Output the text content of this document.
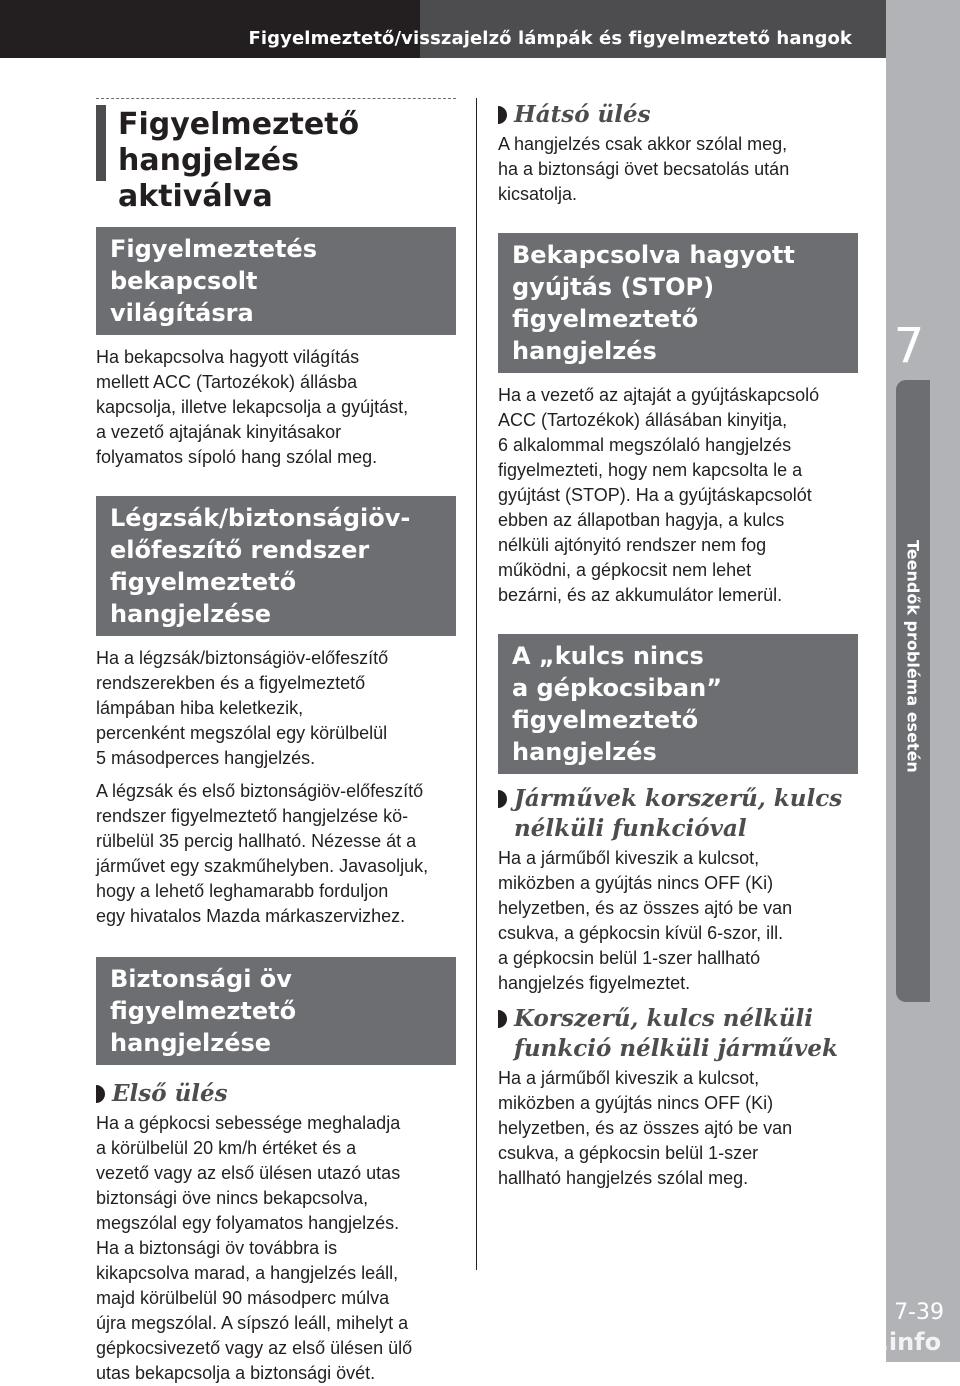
Figyelmeztető/visszajelző lámpák és figyelmeztető hangok
7
Teendők probléma esetén
7-39
carmanualsonline.info
Figyelmeztető
hangjelzés aktiválva
Figyelmeztetés bekapcsolt
világításra

Ha bekapcsolva hagyott világítás
mellett ACC (Tartozékok) állásba
kapcsolja, illetve lekapcsolja a gyújtást,
a vezető ajtajának kinyitásakor
folyamatos sípoló hang szólal meg.

Légzsák/biztonságiöv-
előfeszítő rendszer
figyelmeztető hangjelzése

Ha a légzsák/biztonságiöv-előfeszítő
rendszerekben és a figyelmeztető
lámpában hiba keletkezik,
percenként megszólal egy körülbelül
5 másodperces hangjelzés.

A légzsák és első biztonságiöv-előfeszítő
rendszer figyelmeztető hangjelzése kö-
rülbelül 35 percig hallható. Nézesse át a
járművet egy szakműhelyben. Javasoljuk,
hogy a lehető leghamarabb forduljon
egy hivatalos Mazda márkaszervizhez.

Biztonsági öv figyelmeztető
hangjelzése
Első ülés

Ha a gépkocsi sebessége meghaladja
a körülbelül 20 km/h értéket és a
vezető vagy az első ülésen utazó utas
biztonsági öve nincs bekapcsolva,
megszólal egy folyamatos hangjelzés.
Ha a biztonsági öv továbbra is
kikapcsolva marad, a hangjelzés leáll,
majd körülbelül 90 másodperc múlva
újra megszólal. A sípszó leáll, mihelyt a
gépkocsivezető vagy az első ülésen ülő
utas bekapcsolja a biztonsági övét.

Hátsó ülés

A hangjelzés csak akkor szólal meg,
ha a biztonsági övet becsatolás után
kicsatolja.

Bekapcsolva hagyott
gyújtás (STOP)
figyelmeztető hangjelzés

Ha a vezető az ajtaját a gyújtáskapcsoló
ACC (Tartozékok) állásában kinyitja,
6 alkalommal megszólaló hangjelzés
figyelmezteti, hogy nem kapcsolta le a
gyújtást (STOP). Ha a gyújtáskapcsolót
ebben az állapotban hagyja, a kulcs
nélküli ajtónyitó rendszer nem fog
működni, a gépkocsit nem lehet
bezárni, és az akkumulátor lemerül.

A „kulcs nincs
a gépkocsiban”
figyelmeztető hangjelzés
Járművek korszerű, kulcs
nélküli funkcióval

Ha a járműből kiveszik a kulcsot,
miközben a gyújtás nincs OFF (Ki)
helyzetben, és az összes ajtó be van
csukva, a gépkocsin kívül 6-szor, ill.
a gépkocsin belül 1-szer hallható
hangjelzés figyelmeztet.

Korszerű, kulcs nélküli
funkció nélküli járművek

Ha a járműből kiveszik a kulcsot,
miközben a gyújtás nincs OFF (Ki)
helyzetben, és az összes ajtó be van
csukva, a gépkocsin belül 1-szer
hallható hangjelzés szólal meg.
